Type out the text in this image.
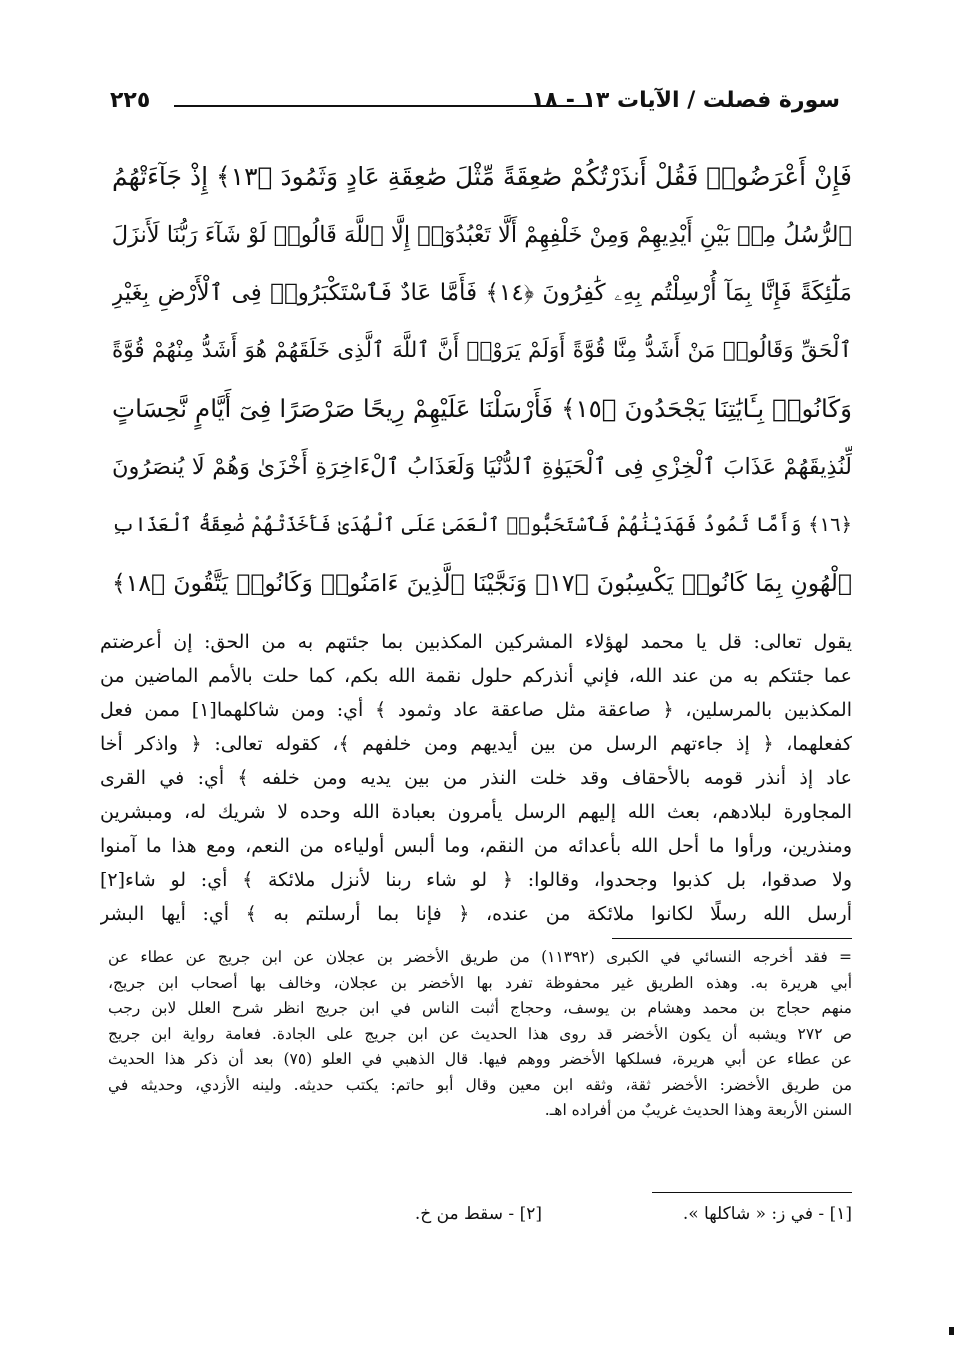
سورة فصلت / الآيات ١٣ - ١٨
٢٢٥
فَإِنْ أَعْرَضُوا۟ فَقُلْ أَنذَرْتُكُمْ صَٰعِقَةً مِّثْلَ صَٰعِقَةِ عَادٍ وَثَمُودَ ﴿١٣﴾ إِذْ جَآءَتْهُمُ
ٱلرُّسُلُ مِنۢ بَيْنِ أَيْدِيهِمْ وَمِنْ خَلْفِهِمْ أَلَّا تَعْبُدُوٓا۟ إِلَّا ٱللَّهَ قَالُوا۟ لَوْ شَآءَ رَبُّنَا لَأَنزَلَ
مَلَٰٓئِكَةً فَإِنَّا بِمَآ أُرْسِلْتُم بِهِۦ كَٰفِرُونَ ﴿١٤﴾ فَأَمَّا عَادٌ فَٱسْتَكْبَرُوا۟ فِى ٱلْأَرْضِ بِغَيْرِ
ٱلْحَقِّ وَقَالُوا۟ مَنْ أَشَدُّ مِنَّا قُوَّةً أَوَلَمْ يَرَوْا۟ أَنَّ ٱللَّهَ ٱلَّذِى خَلَقَهُمْ هُوَ أَشَدُّ مِنْهُمْ قُوَّةً
وَكَانُوا۟ بِـَٔايَٰتِنَا يَجْحَدُونَ ﴿١٥﴾ فَأَرْسَلْنَا عَلَيْهِمْ رِيحًا صَرْصَرًا فِىٓ أَيَّامٍ نَّحِسَاتٍ
لِّنُذِيقَهُمْ عَذَابَ ٱلْخِزْىِ فِى ٱلْحَيَوٰةِ ٱلدُّنْيَا وَلَعَذَابُ ٱلْءَاخِرَةِ أَخْزَىٰ وَهُمْ لَا يُنصَرُونَ
﴿١٦﴾ وَأَمَّا ثَمُودُ فَهَدَيْنَٰهُمْ فَٱسْتَحَبُّوا۟ ٱلْعَمَىٰ عَلَى ٱلْهُدَىٰ فَأَخَذَتْهُمْ صَٰعِقَةُ ٱلْعَذَابِ
ٱلْهُونِ بِمَا كَانُوا۟ يَكْسِبُونَ ﴿١٧﴾ وَنَجَّيْنَا ٱلَّذِينَ ءَامَنُوا۟ وَكَانُوا۟ يَتَّقُونَ ﴿١٨﴾
يقول تعالى: قل يا محمد لهؤلاء المشركين المكذبين بما جئتهم به من الحق: إن أعرضتم
عما جئتكم به من عند الله، فإني أنذركم حلول نقمة الله بكم، كما حلت بالأمم الماضين من
المكذبين بالمرسلين، ﴿ صاعقة مثل صاعقة عاد وثمود ﴾ أي: ومن شاكلهما[١] ممن فعل
كفعلهما، ﴿ إذ جاءتهم الرسل من بين أيديهم ومن خلفهم ﴾، كقوله تعالى: ﴿ واذكر أخا
عاد إذ أنذر قومه بالأحقاف وقد خلت النذر من بين يديه ومن خلفه ﴾ أي: في القرى
المجاورة لبلادهم، بعث الله إليهم الرسل يأمرون بعبادة الله وحده لا شريك له، ومبشرين
ومنذرين، ورأوا ما أحل الله بأعدائه من النقم، وما ألبس أولياءه من النعم، ومع هذا ما آمنوا
ولا صدقوا، بل كذبوا وجحدوا، وقالوا: ﴿ لو شاء ربنا لأنزل ملائكة ﴾ أي: لو شاء[٢]
أرسل الله رسلًا لكانوا ملائكة من عنده، ﴿ فإنا بما أرسلتم به ﴾ أي: أيها البشر
= فقد أخرجه النسائي في الكبرى (١١٣٩٢) من طريق الأخضر بن عجلان عن ابن جريج عن عطاء عن
أبي هريرة به. وهذه الطريق غير محفوظة تفرد بها الأخضر بن عجلان، وخالف بها أصحاب ابن جريج،
منهم حجاج بن محمد وهشام بن يوسف، وحجاج أثبت الناس في ابن جريج انظر شرح العلل لابن رجب
ص ٢٧٢ ويشبه أن يكون الأخضر قد روى هذا الحديث عن ابن جريج على الجادة. فعامة رواية ابن جريج
عن عطاء عن أبي هريرة، فسلكها الأخضر ووهم فيها. قال الذهبي في العلو (٧٥) بعد أن ذكر هذا الحديث
من طريق الأخضر: الأخضر ثقة، وثقه ابن معين وقال أبو حاتم: يكتب حديثه. ولينه الأزدي، وحديثه في
السنن الأربعة وهذا الحديث غريبٌ من أفراده اهـ.
[١] - في ز: « شاكلها ».
[٢] - سقط من خ.
